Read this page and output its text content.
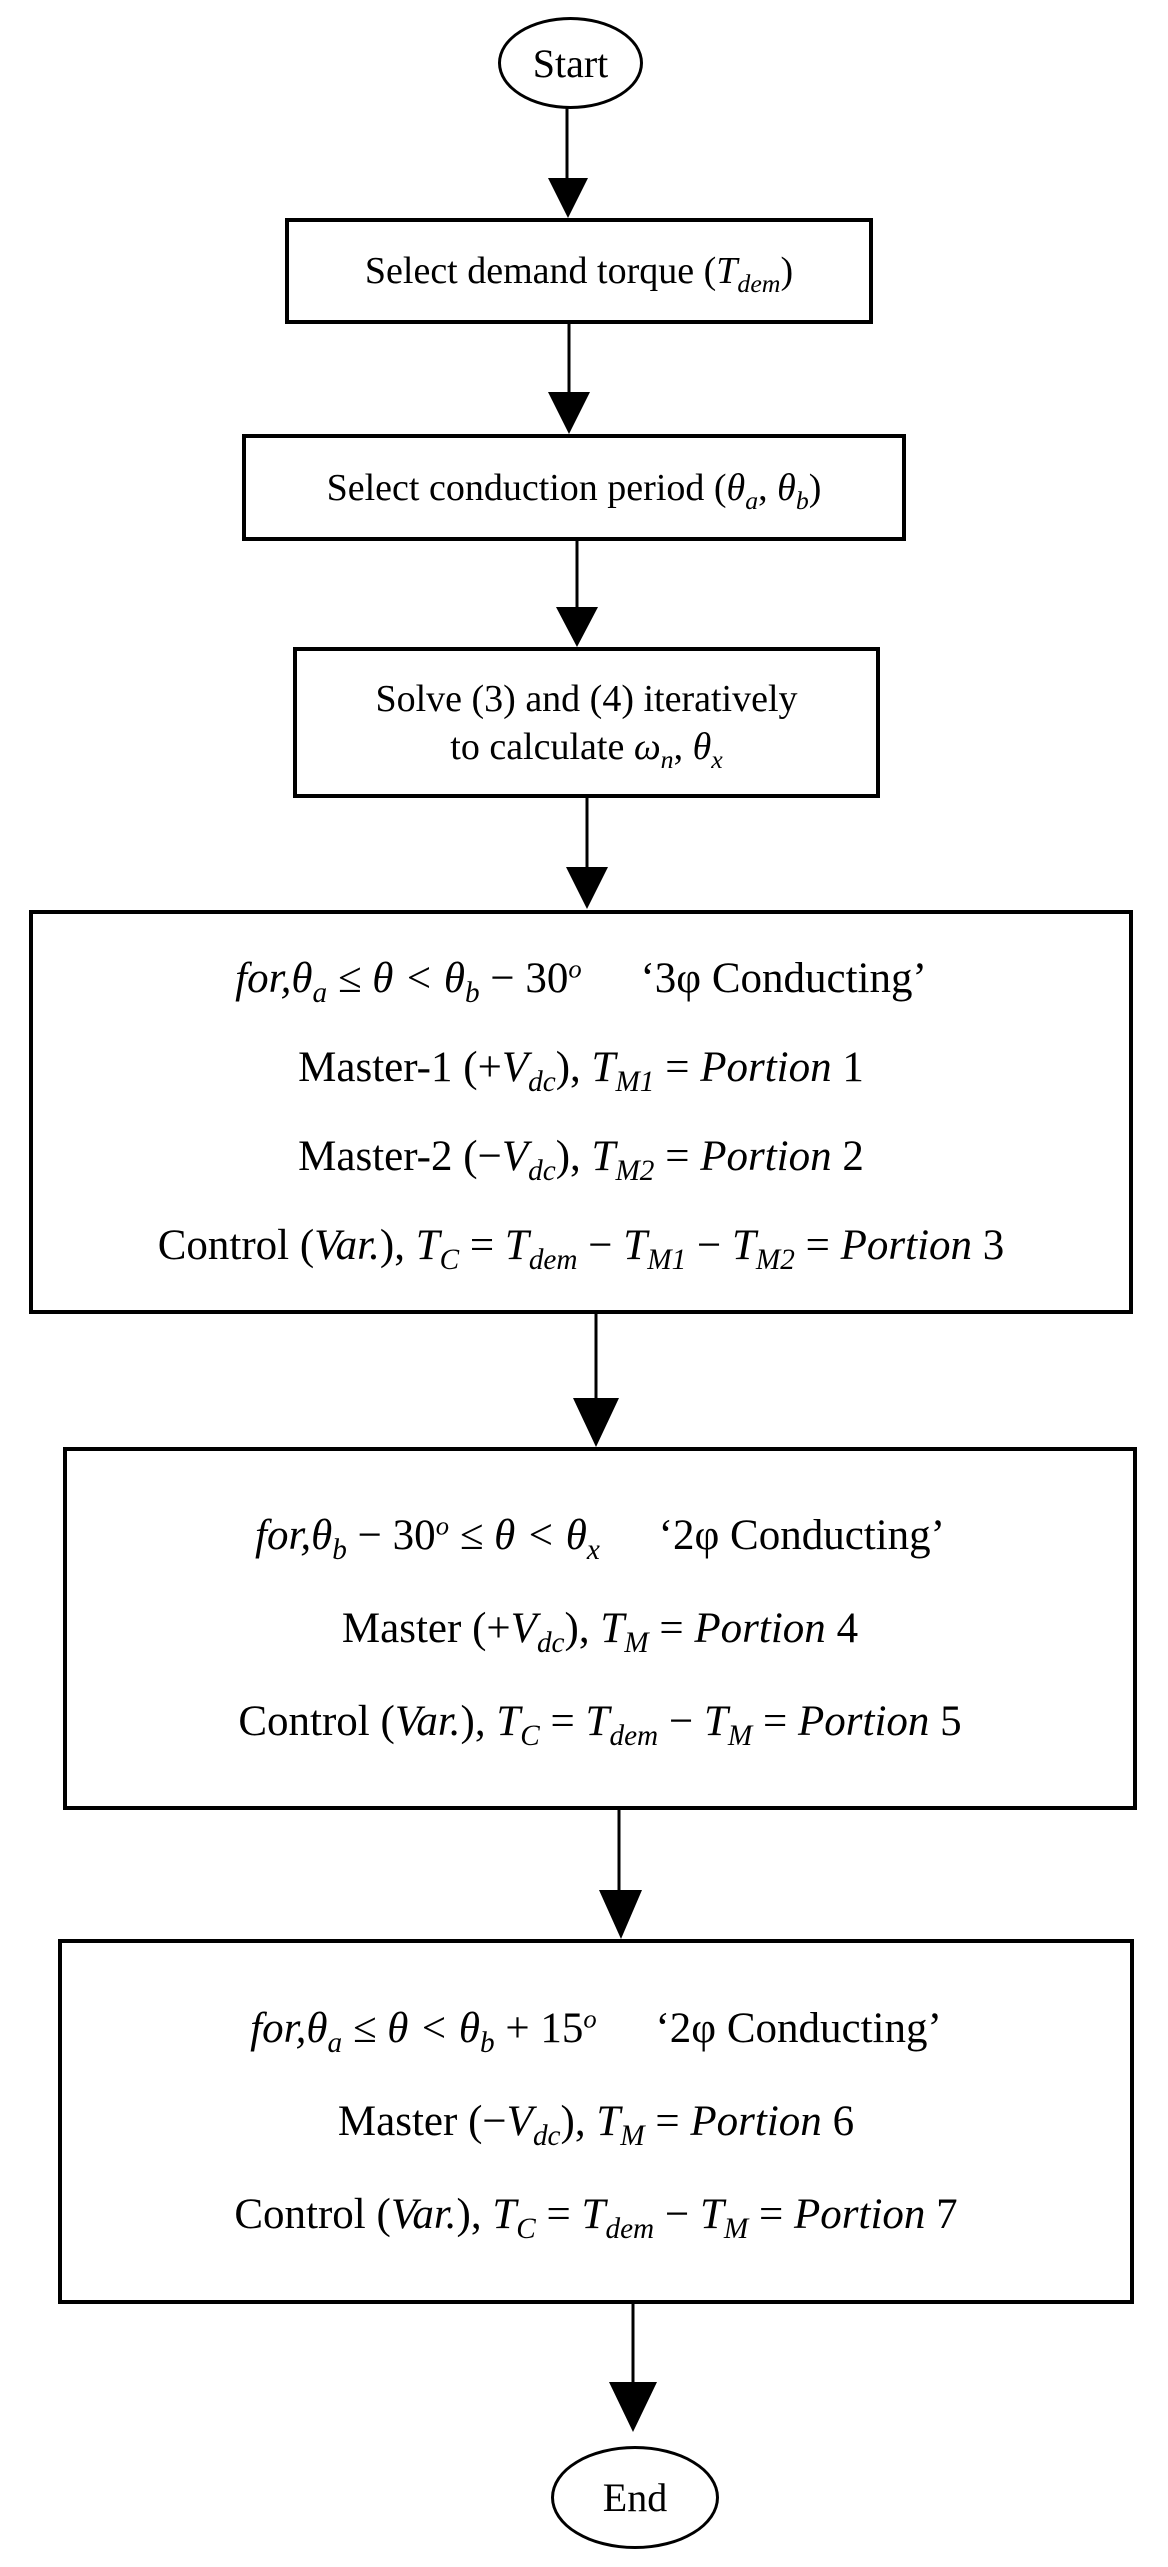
Start
Select demand torque $(T_{dem})$
Select conduction period ($\theta_a$, $\theta_b$)
Solve (3) and (4) iteratively
to calculate $\omega_n$, $\theta_x$
$for,\theta_a \le \theta < \theta_b - 30^o$ ‘3φ Conducting’
Master-1 $(+V_{dc})$, $T_{M1}$ = Portion 1
Master-2 $(-V_{dc})$, $T_{M2}$ = Portion 2
Control (Var.), $T_C = T_{dem} - T_{M1} - T_{M2}$ = Portion 3
$for,\theta_b - 30^o \le \theta < \theta_x$ ‘2φ Conducting’
Master $(+V_{dc})$, $T_M$ = Portion 4
Control (Var.), $T_C = T_{dem} - T_M$ = Portion 5
$for,\theta_a \le \theta < \theta_b + 15^o$ ‘2φ Conducting’
Master $(-V_{dc})$, $T_M$ = Portion 6
Control (Var.), $T_C = T_{dem} - T_M$ = Portion 7
End
